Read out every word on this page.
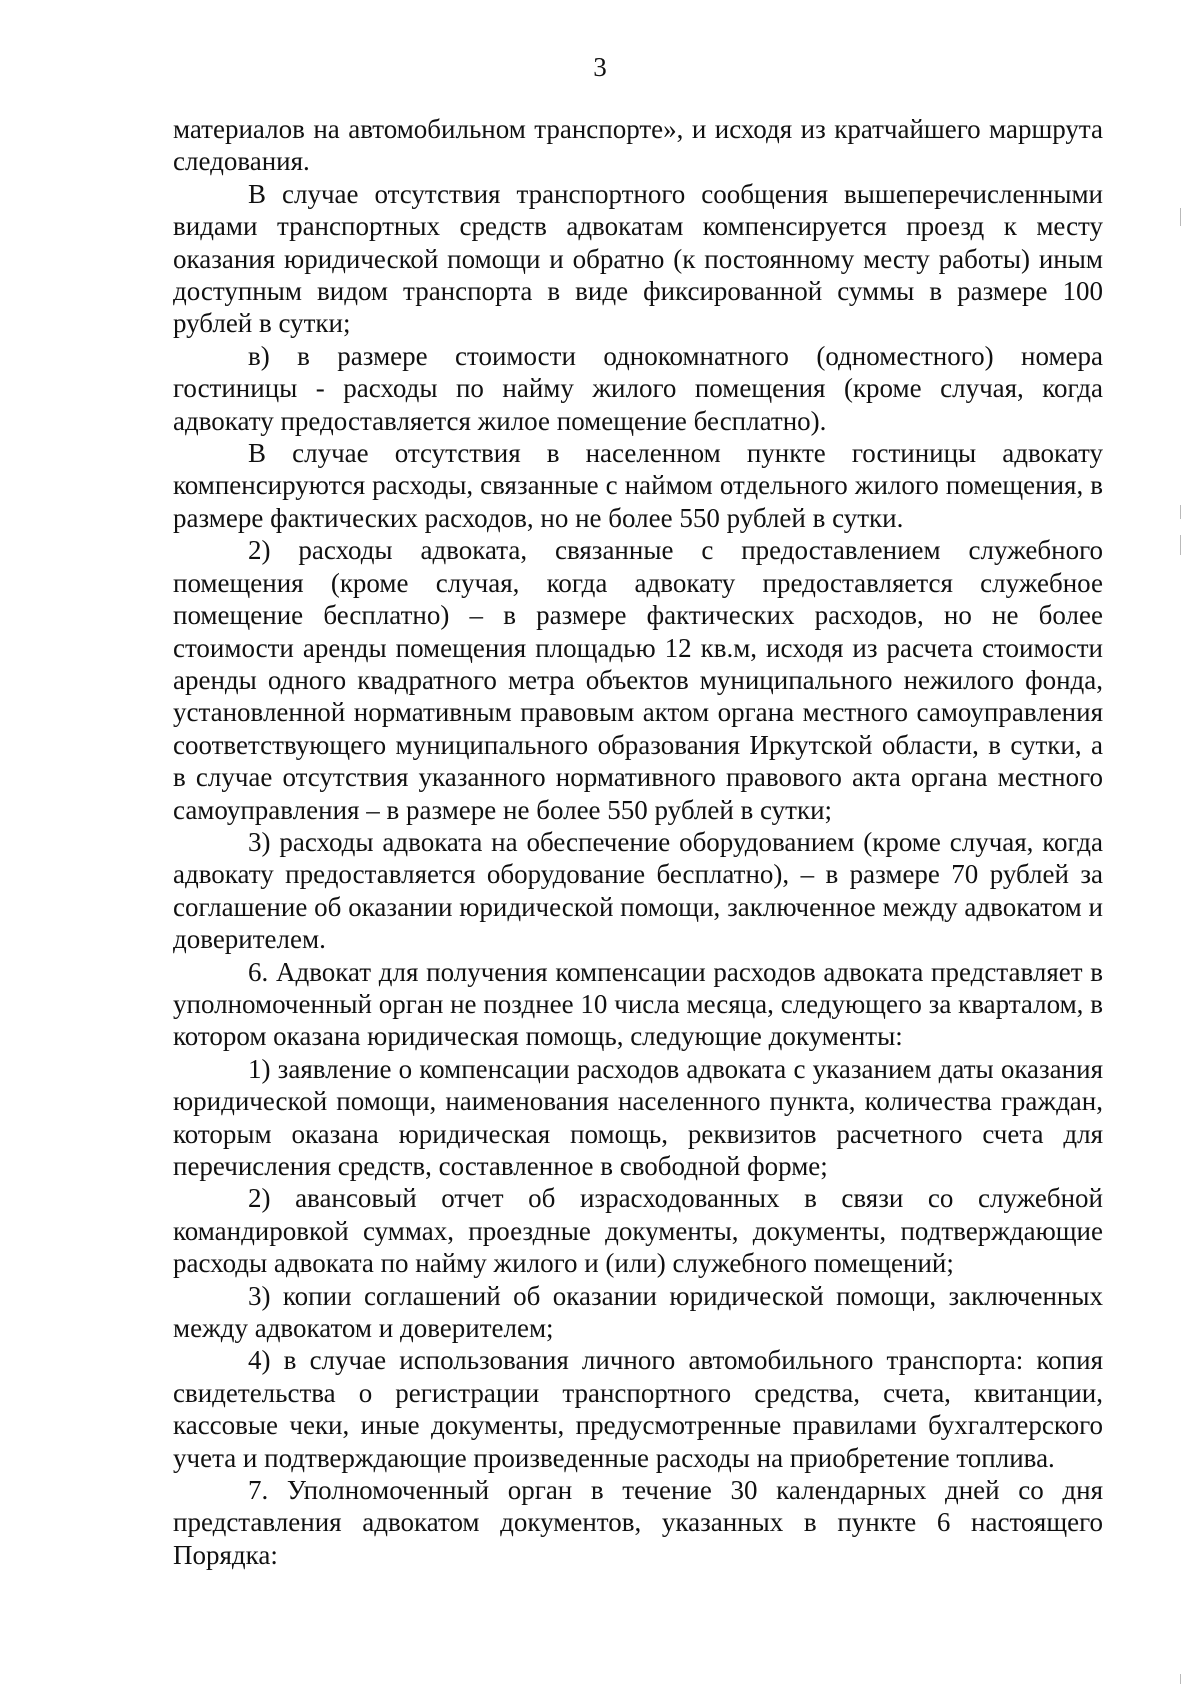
3

материалов на автомобильном транспорте», и исходя из кратчайшего маршрута следования.

В случае отсутствия транспортного сообщения вышеперечисленными видами транспортных средств адвокатам компенсируется проезд к месту оказания юридической помощи и обратно (к постоянному месту работы) иным доступным видом транспорта в виде фиксированной суммы в размере 100 рублей в сутки;

в) в размере стоимости однокомнатного (одноместного) номера гостиницы - расходы по найму жилого помещения (кроме случая, когда адвокату предоставляется жилое помещение бесплатно).

В случае отсутствия в населенном пункте гостиницы адвокату компенсируются расходы, связанные с наймом отдельного жилого помещения, в размере фактических расходов, но не более 550 рублей в сутки.

2) расходы адвоката, связанные с предоставлением служебного помещения (кроме случая, когда адвокату предоставляется служебное помещение бесплатно) – в размере фактических расходов, но не более стоимости аренды помещения площадью 12 кв.м, исходя из расчета стоимости аренды одного квадратного метра объектов муниципального нежилого фонда, установленной нормативным правовым актом органа местного самоуправления соответствующего муниципального образования Иркутской области, в сутки, а в случае отсутствия указанного нормативного правового акта органа местного самоуправления – в размере не более 550 рублей в сутки;

3) расходы адвоката на обеспечение оборудованием (кроме случая, когда адвокату предоставляется оборудование бесплатно), – в размере 70 рублей за соглашение об оказании юридической помощи, заключенное между адвокатом и доверителем.

6. Адвокат для получения компенсации расходов адвоката представляет в уполномоченный орган не позднее 10 числа месяца, следующего за кварталом, в котором оказана юридическая помощь, следующие документы:

1) заявление о компенсации расходов адвоката с указанием даты оказания юридической помощи, наименования населенного пункта, количества граждан, которым оказана юридическая помощь, реквизитов расчетного счета для перечисления средств, составленное в свободной форме;

2) авансовый отчет об израсходованных в связи со служебной командировкой суммах, проездные документы, документы, подтверждающие расходы адвоката по найму жилого и (или) служебного помещений;

3) копии соглашений об оказании юридической помощи, заключенных между адвокатом и доверителем;

4) в случае использования личного автомобильного транспорта: копия свидетельства о регистрации транспортного средства, счета, квитанции, кассовые чеки, иные документы, предусмотренные правилами бухгалтерского учета и подтверждающие произведенные расходы на приобретение топлива.

7. Уполномоченный орган в течение 30 календарных дней со дня представления адвокатом документов, указанных в пункте 6 настоящего Порядка:
